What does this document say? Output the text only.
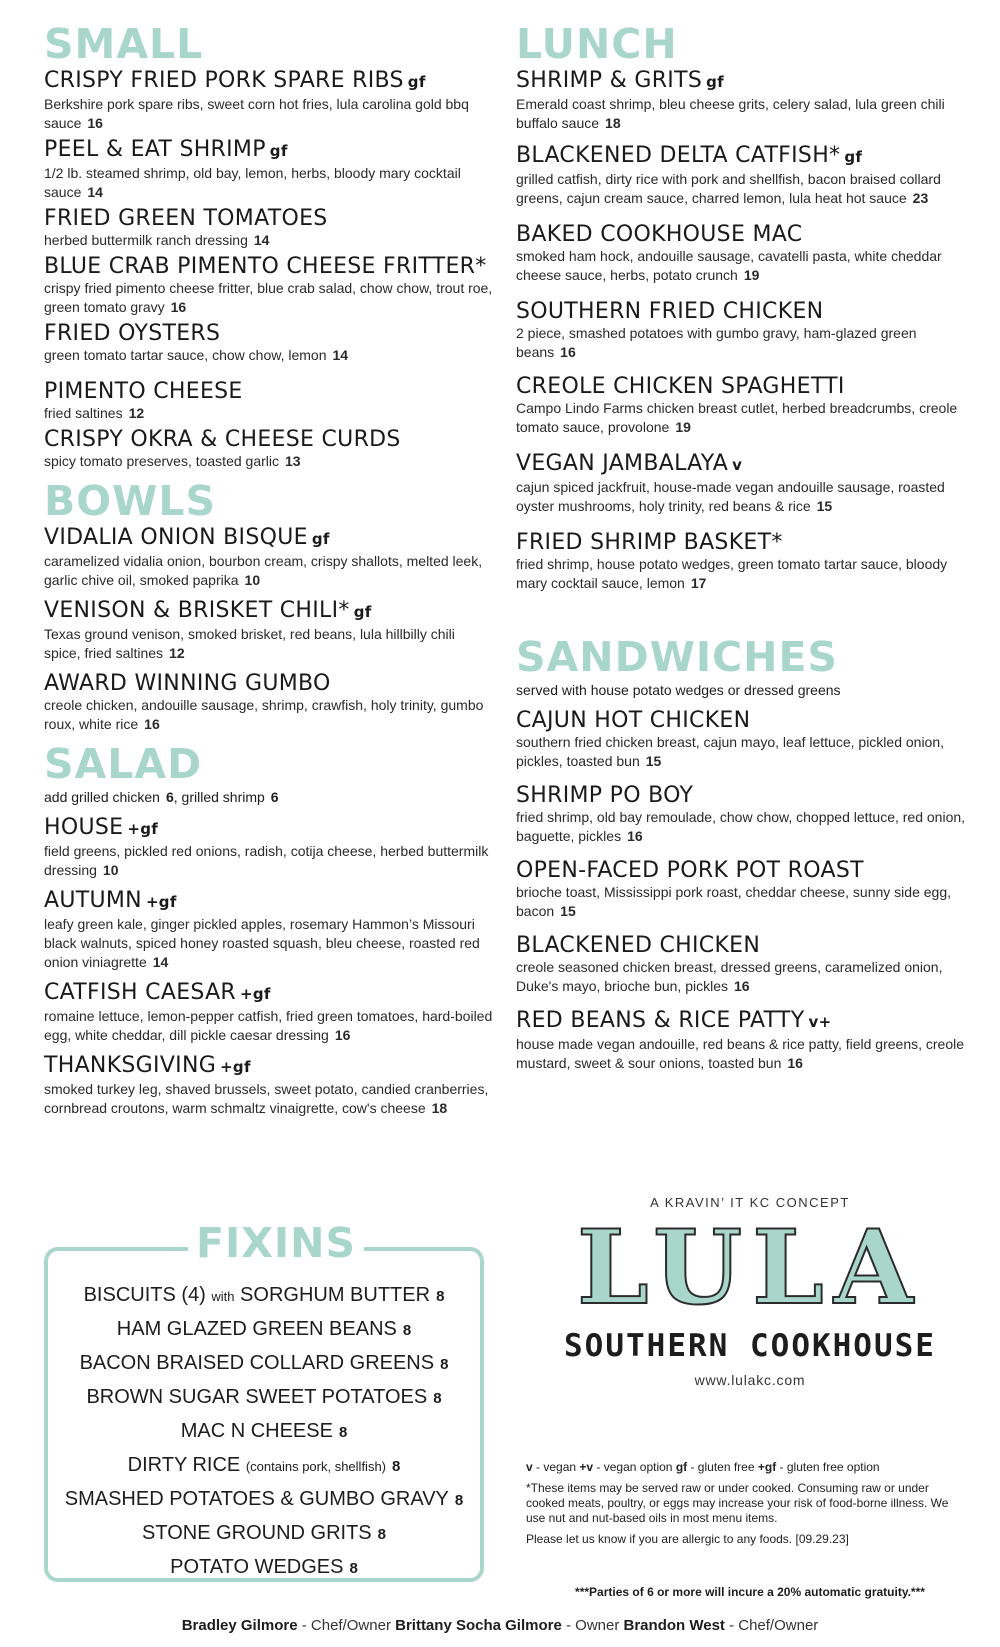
SMALL
CRISPY FRIED PORK SPARE RIBS gf
Berkshire pork spare ribs, sweet corn hot fries, lula carolina gold bbq sauce 16
PEEL & EAT SHRIMP gf
1/2 lb. steamed shrimp, old bay, lemon, herbs, bloody mary cocktail sauce 14
FRIED GREEN TOMATOES
herbed buttermilk ranch dressing 14
BLUE CRAB PIMENTO CHEESE FRITTER*
crispy fried pimento cheese fritter, blue crab salad, chow chow, trout roe, green tomato gravy 16
FRIED OYSTERS
green tomato tartar sauce, chow chow, lemon 14
PIMENTO CHEESE
fried saltines 12
CRISPY OKRA & CHEESE CURDS
spicy tomato preserves, toasted garlic 13
BOWLS
VIDALIA ONION BISQUE gf
caramelized vidalia onion, bourbon cream, crispy shallots, melted leek, garlic chive oil, smoked paprika 10
VENISON & BRISKET CHILI* gf
Texas ground venison, smoked brisket, red beans, lula hillbilly chili spice, fried saltines 12
AWARD WINNING GUMBO
creole chicken, andouille sausage, shrimp, crawfish, holy trinity, gumbo roux, white rice 16
SALAD
add grilled chicken 6, grilled shrimp 6
HOUSE +gf
field greens, pickled red onions, radish, cotija cheese, herbed buttermilk dressing 10
AUTUMN +gf
leafy green kale, ginger pickled apples, rosemary Hammon’s Missouri black walnuts, spiced honey roasted squash, bleu cheese, roasted red onion viniagrette 14
CATFISH CAESAR +gf
romaine lettuce, lemon-pepper catfish, fried green tomatoes, hard-boiled egg, white cheddar, dill pickle caesar dressing 16
THANKSGIVING +gf
smoked turkey leg, shaved brussels, sweet potato, candied cranberries, cornbread croutons, warm schmaltz vinaigrette, cow's cheese 18
LUNCH
SHRIMP & GRITS gf
Emerald coast shrimp, bleu cheese grits, celery salad, lula green chili buffalo sauce 18
BLACKENED DELTA CATFISH* gf
grilled catfish, dirty rice with pork and shellfish, bacon braised collard greens, cajun cream sauce, charred lemon, lula heat hot sauce 23
BAKED COOKHOUSE MAC
smoked ham hock, andouille sausage, cavatelli pasta, white cheddar cheese sauce, herbs, potato crunch 19
SOUTHERN FRIED CHICKEN
2 piece, smashed potatoes with gumbo gravy, ham-glazed green beans 16
CREOLE CHICKEN SPAGHETTI
Campo Lindo Farms chicken breast cutlet, herbed breadcrumbs, creole tomato sauce, provolone 19
VEGAN JAMBALAYA v
cajun spiced jackfruit, house-made vegan andouille sausage, roasted oyster mushrooms, holy trinity, red beans & rice 15
FRIED SHRIMP BASKET*
fried shrimp, house potato wedges, green tomato tartar sauce, bloody mary cocktail sauce, lemon 17
SANDWICHES
served with house potato wedges or dressed greens
CAJUN HOT CHICKEN
southern fried chicken breast, cajun mayo, leaf lettuce, pickled onion, pickles, toasted bun 15
SHRIMP PO BOY
fried shrimp, old bay remoulade, chow chow, chopped lettuce, red onion, baguette, pickles 16
OPEN-FACED PORK POT ROAST
brioche toast, Mississippi pork roast, cheddar cheese, sunny side egg, bacon 15
BLACKENED CHICKEN
creole seasoned chicken breast, dressed greens, caramelized onion, Duke's mayo, brioche bun, pickles 16
RED BEANS & RICE PATTY v+
house made vegan andouille, red beans & rice patty, field greens, creole mustard, sweet & sour onions, toasted bun 16
FIXINS
BISCUITS (4) with SORGHUM BUTTER 8
HAM GLAZED GREEN BEANS 8
BACON BRAISED COLLARD GREENS 8
BROWN SUGAR SWEET POTATOES 8
MAC N CHEESE 8
DIRTY RICE (contains pork, shellfish) 8
SMASHED POTATOES & GUMBO GRAVY 8
STONE GROUND GRITS 8
POTATO WEDGES 8
A KRAVIN’ IT KC CONCEPT
LULA
SOUTHERN COOKHOUSE
www.lulakc.com

v - vegan +v - vegan option gf - gluten free +gf - gluten free option

*These items may be served raw or under cooked. Consuming raw or under cooked meats, poultry, or eggs may increase your risk of food-borne illness. We use nut and nut-based oils in most menu items.

Please let us know if you are allergic to any foods. [09.29.23]

***Parties of 6 or more will incure a 20% automatic gratuity.***
Bradley Gilmore - Chef/Owner Brittany Socha Gilmore - Owner Brandon West - Chef/Owner
